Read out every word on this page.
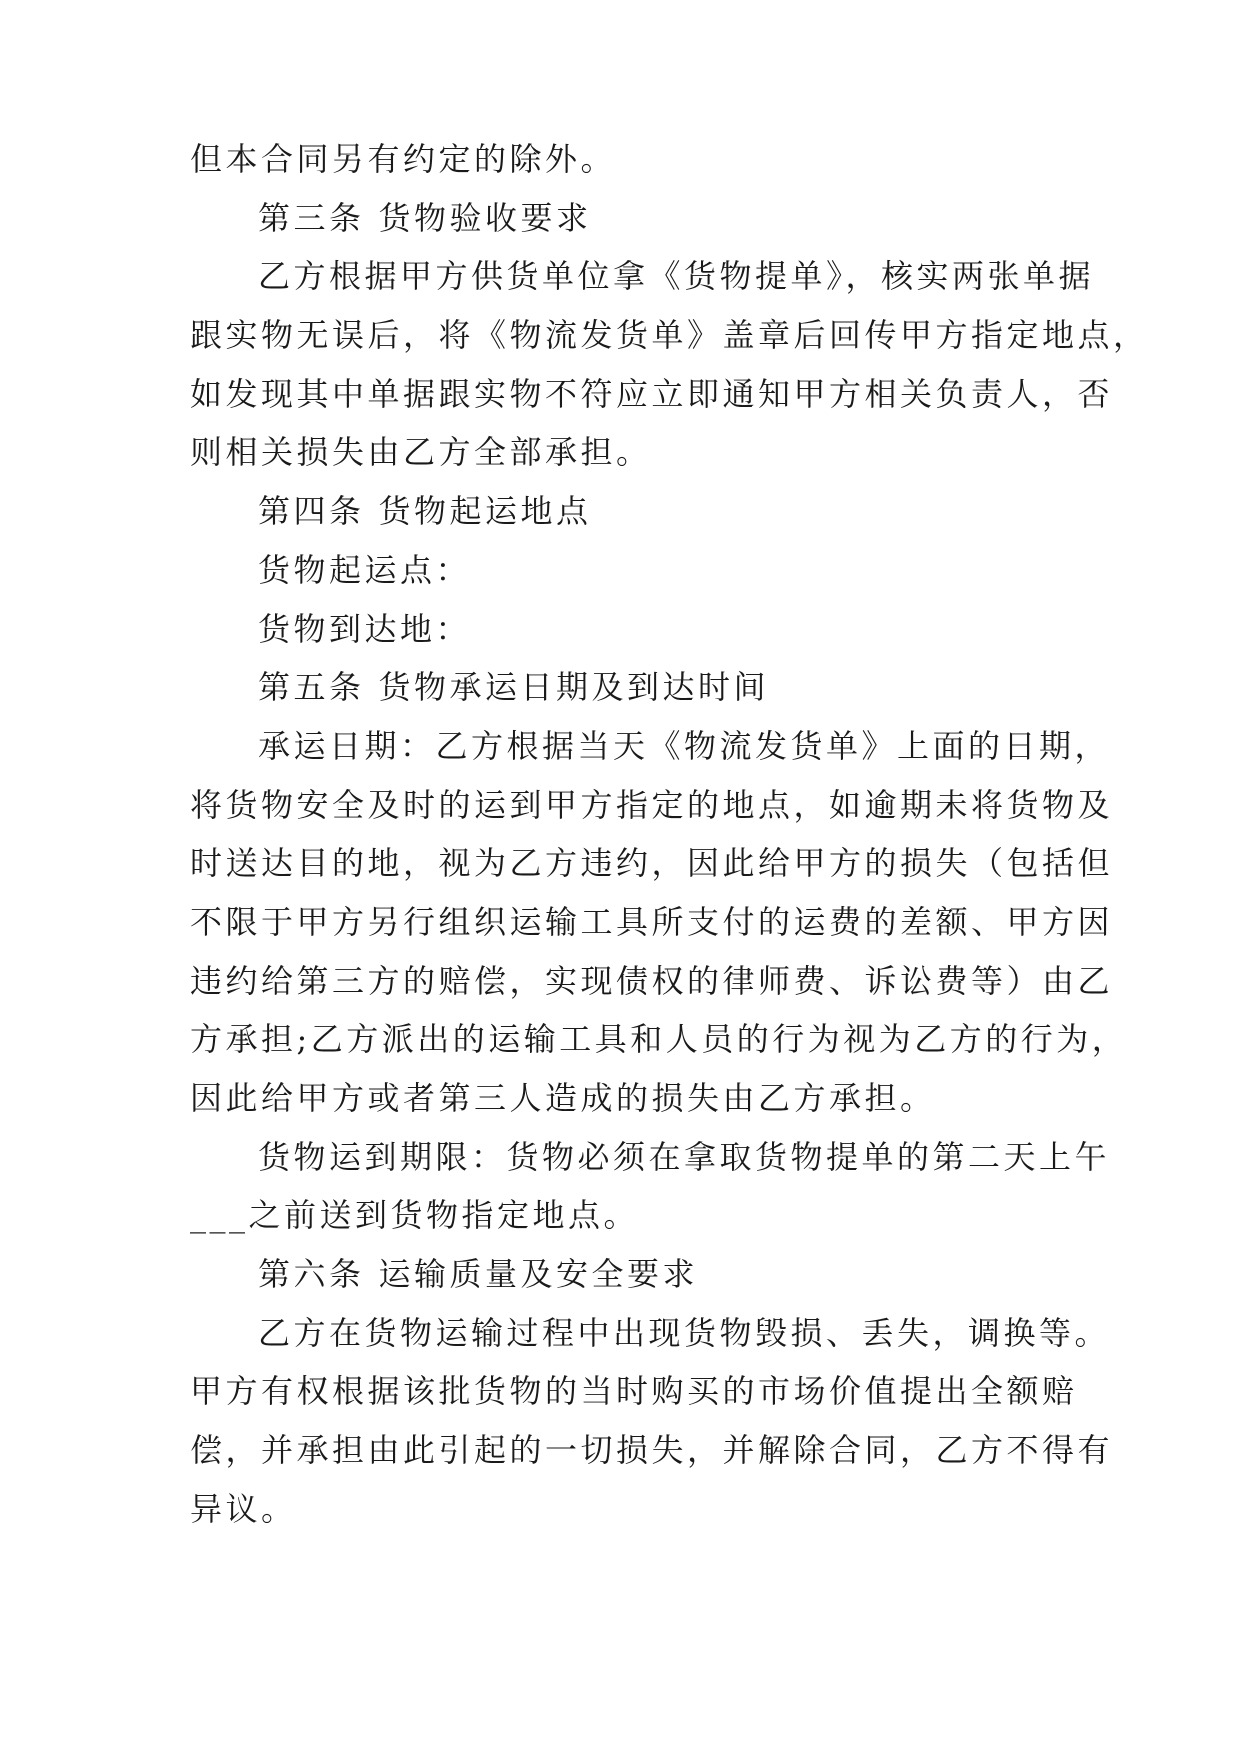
但本合同另有约定的除外。
第三条 货物验收要求
乙方根据甲方供货单位拿《货物提单》，核实两张单据
跟实物无误后，将《物流发货单》盖章后回传甲方指定地点，
如发现其中单据跟实物不符应立即通知甲方相关负责人，否
则相关损失由乙方全部承担。
第四条 货物起运地点
货物起运点：
货物到达地：
第五条 货物承运日期及到达时间
承运日期：乙方根据当天《物流发货单》上面的日期，
将货物安全及时的运到甲方指定的地点，如逾期未将货物及
时送达目的地，视为乙方违约，因此给甲方的损失（包括但
不限于甲方另行组织运输工具所支付的运费的差额、甲方因
违约给第三方的赔偿，实现债权的律师费、诉讼费等）由乙
方承担;乙方派出的运输工具和人员的行为视为乙方的行为，
因此给甲方或者第三人造成的损失由乙方承担。
货物运到期限：货物必须在拿取货物提单的第二天上午
___之前送到货物指定地点。
第六条 运输质量及安全要求
乙方在货物运输过程中出现货物毁损、丢失，调换等。
甲方有权根据该批货物的当时购买的市场价值提出全额赔
偿，并承担由此引起的一切损失，并解除合同，乙方不得有
异议。
